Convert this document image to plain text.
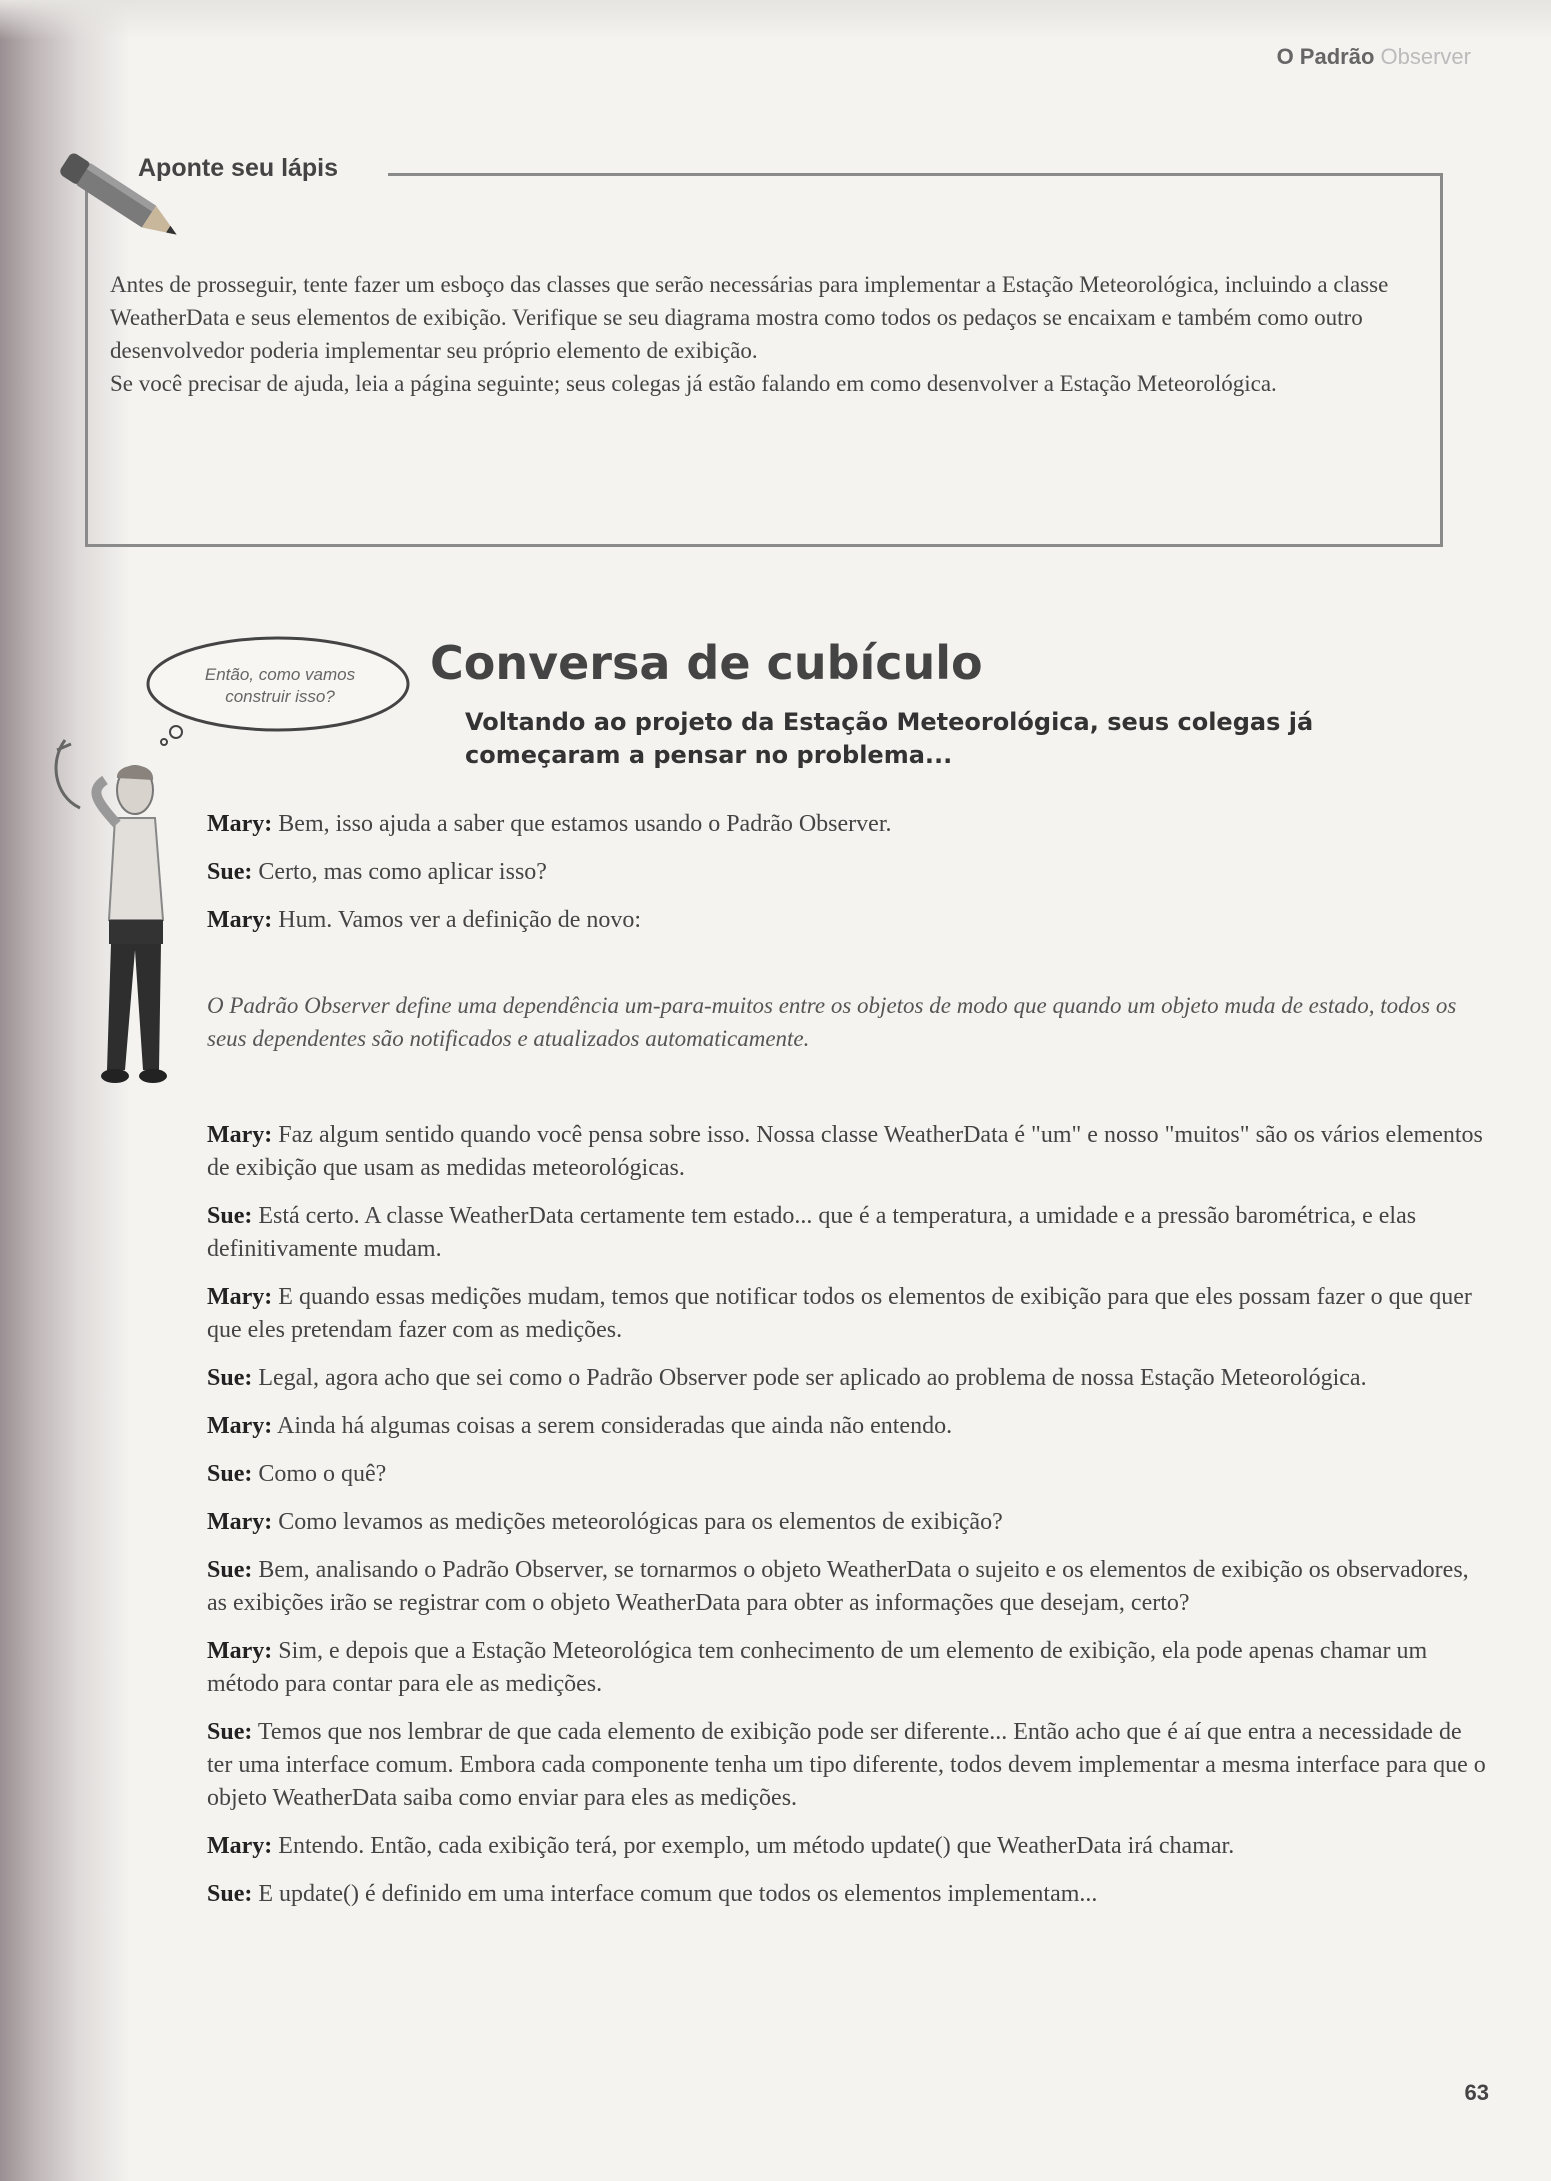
O Padrão Observer
Aponte seu lápis

Antes de prosseguir, tente fazer um esboço das classes que serão necessárias para implementar a Estação Meteorológica, incluindo a classe WeatherData e seus elementos de exibição. Verifique se seu diagrama mostra como todos os pedaços se encaixam e também como outro desenvolvedor poderia implementar seu próprio elemento de exibição.

Se você precisar de ajuda, leia a página seguinte; seus colegas já estão falando em como desenvolver a Estação Meteorológica.

Então, como vamos construir isso?
Conversa de cubículo
Voltando ao projeto da Estação Meteorológica, seus colegas já começaram a pensar no problema...

Mary: Bem, isso ajuda a saber que estamos usando o Padrão Observer.

Sue: Certo, mas como aplicar isso?

Mary: Hum. Vamos ver a definição de novo:

O Padrão Observer define uma dependência um-para-muitos entre os objetos de modo que quando um objeto muda de estado, todos os seus dependentes são notificados e atualizados automaticamente.

Mary: Faz algum sentido quando você pensa sobre isso. Nossa classe WeatherData é "um" e nosso "muitos" são os vários elementos de exibição que usam as medidas meteorológicas.

Sue: Está certo. A classe WeatherData certamente tem estado... que é a temperatura, a umidade e a pressão barométrica, e elas definitivamente mudam.

Mary: E quando essas medições mudam, temos que notificar todos os elementos de exibição para que eles possam fazer o que quer que eles pretendam fazer com as medições.

Sue: Legal, agora acho que sei como o Padrão Observer pode ser aplicado ao problema de nossa Estação Meteorológica.

Mary: Ainda há algumas coisas a serem consideradas que ainda não entendo.

Sue: Como o quê?

Mary: Como levamos as medições meteorológicas para os elementos de exibição?

Sue: Bem, analisando o Padrão Observer, se tornarmos o objeto WeatherData o sujeito e os elementos de exibição os observadores, as exibições irão se registrar com o objeto WeatherData para obter as informações que desejam, certo?

Mary: Sim, e depois que a Estação Meteorológica tem conhecimento de um elemento de exibição, ela pode apenas chamar um método para contar para ele as medições.

Sue: Temos que nos lembrar de que cada elemento de exibição pode ser diferente... Então acho que é aí que entra a necessidade de ter uma interface comum. Embora cada componente tenha um tipo diferente, todos devem implementar a mesma interface para que o objeto WeatherData saiba como enviar para eles as medições.

Mary: Entendo. Então, cada exibição terá, por exemplo, um método update() que WeatherData irá chamar.

Sue: E update() é definido em uma interface comum que todos os elementos implementam...

63
